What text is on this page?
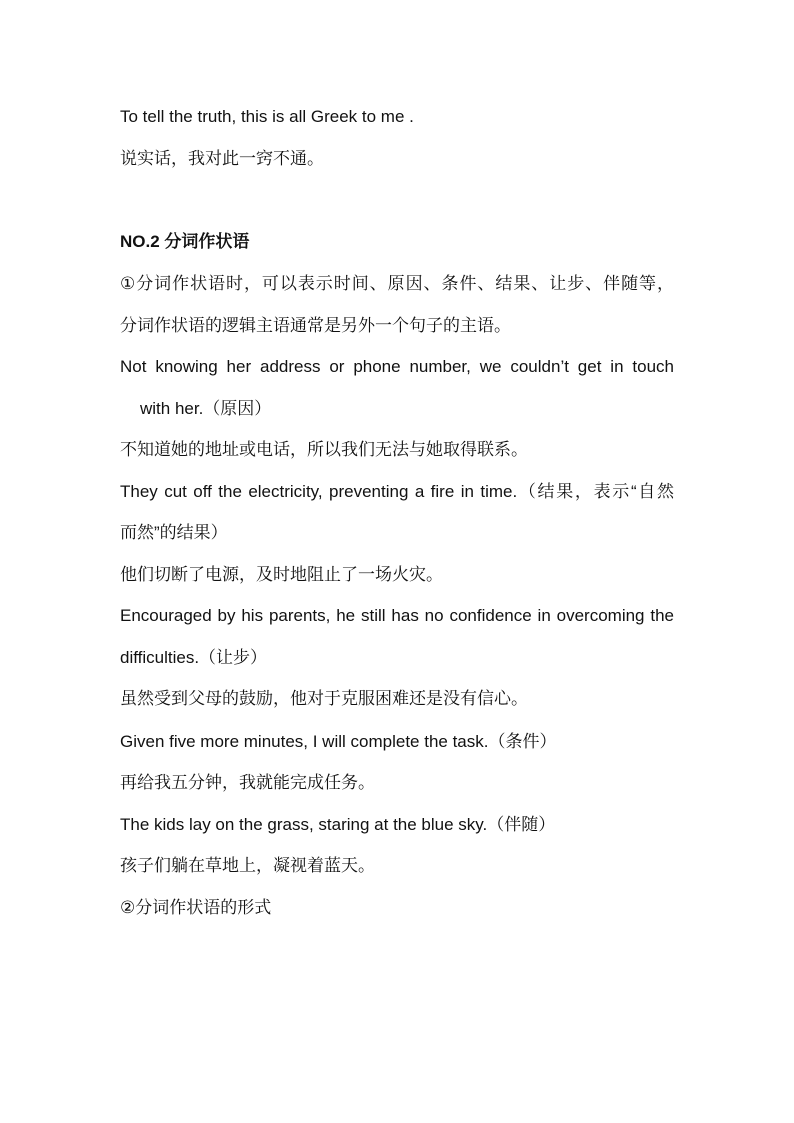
To tell the truth, this is all Greek to me .
说实话，我对此一窍不通。
NO.2 分词作状语
①分词作状语时，可以表示时间、原因、条件、结果、让步、伴随等，
分词作状语的逻辑主语通常是另外一个句子的主语。
Not knowing her address or phone number, we couldn’t get in touch
with her.（原因）
不知道她的地址或电话，所以我们无法与她取得联系。
They cut off the electricity, preventing a fire in time.（结果，表示“自然
而然”的结果）
他们切断了电源，及时地阻止了一场火灾。
Encouraged by his parents, he still has no confidence in overcoming the
difficulties.（让步）
虽然受到父母的鼓励，他对于克服困难还是没有信心。
Given five more minutes, I will complete the task.（条件）
再给我五分钟，我就能完成任务。
The kids lay on the grass, staring at the blue sky.（伴随）
孩子们躺在草地上，凝视着蓝天。
②分词作状语的形式
